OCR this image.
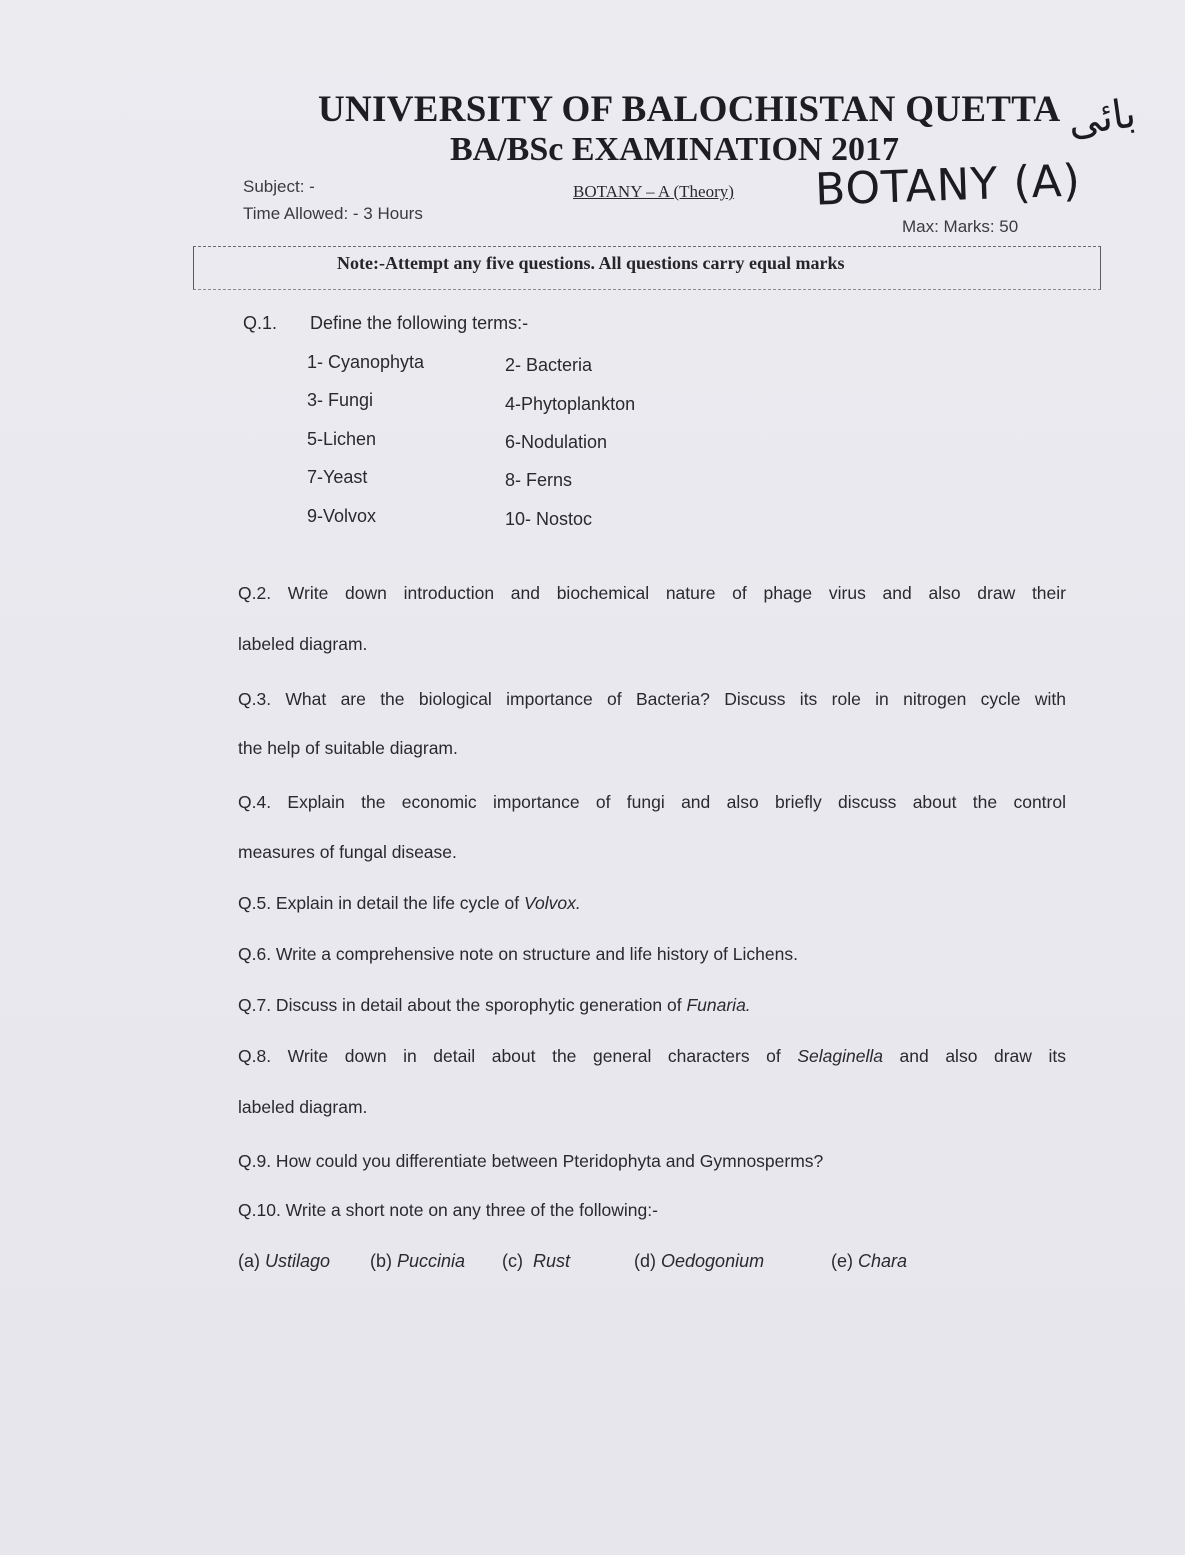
UNIVERSITY OF BALOCHISTAN QUETTA
BA/BSc EXAMINATION 2017
Subject: -
Time Allowed: - 3 Hours
BOTANY – A (Theory) BOTANY (A)
بائی
Max: Marks: 50
Note:-Attempt any five questions. All questions carry equal marks
Q.1. Define the following terms:-
1- Cyanophyta	2- Bacteria
3- Fungi	4-Phytoplankton
5-Lichen	6-Nodulation
7-Yeast	8- Ferns
9-Volvox	10- Nostoc
Q.2. Write down introduction and biochemical nature of phage virus and also draw their
labeled diagram.
Q.3. What are the biological importance of Bacteria? Discuss its role in nitrogen cycle with
the help of suitable diagram.
Q.4. Explain the economic importance of fungi and also briefly discuss about the control
measures of fungal disease.
Q.5. Explain in detail the life cycle of Volvox.
Q.6. Write a comprehensive note on structure and life history of Lichens.
Q.7. Discuss in detail about the sporophytic generation of Funaria.
Q.8. Write down in detail about the general characters of Selaginella and also draw its
labeled diagram.
Q.9. How could you differentiate between Pteridophyta and Gymnosperms?
Q.10. Write a short note on any three of the following:-
(a) Ustilago (b) Puccinia (c) Rust	(d) Oedogonium	(e) Chara
